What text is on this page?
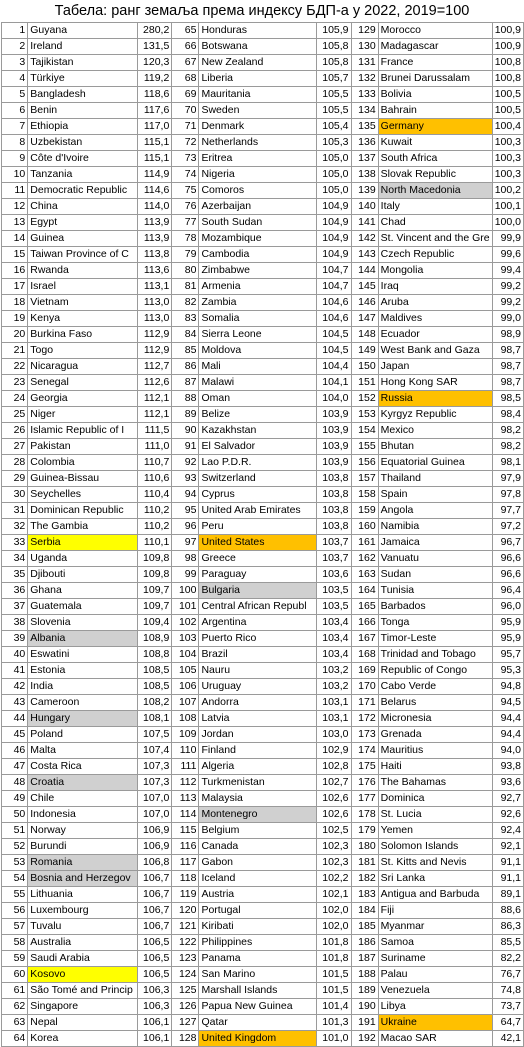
Табела: ранг земаља према индексу БДП-а у 2022, 2019=100
1	Guyana	280,2	65	Honduras	105,9	129	Morocco	100,9
2	Ireland	131,5	66	Botswana	105,8	130	Madagascar	100,9
3	Tajikistan	120,3	67	New Zealand	105,8	131	France	100,8
4	Türkiye	119,2	68	Liberia	105,7	132	Brunei Darussalam	100,8
5	Bangladesh	118,6	69	Mauritania	105,5	133	Bolivia	100,5
6	Benin	117,6	70	Sweden	105,5	134	Bahrain	100,5
7	Ethiopia	117,0	71	Denmark	105,4	135	Germany	100,4
8	Uzbekistan	115,1	72	Netherlands	105,3	136	Kuwait	100,3
9	Côte d'Ivoire	115,1	73	Eritrea	105,0	137	South Africa	100,3
10	Tanzania	114,9	74	Nigeria	105,0	138	Slovak Republic	100,3
11	Democratic Republic	114,6	75	Comoros	105,0	139	North Macedonia	100,2
12	China	114,0	76	Azerbaijan	104,9	140	Italy	100,1
13	Egypt	113,9	77	South Sudan	104,9	141	Chad	100,0
14	Guinea	113,9	78	Mozambique	104,9	142	St. Vincent and the Gre	99,9
15	Taiwan Province of C	113,8	79	Cambodia	104,9	143	Czech Republic	99,6
16	Rwanda	113,6	80	Zimbabwe	104,7	144	Mongolia	99,4
17	Israel	113,1	81	Armenia	104,7	145	Iraq	99,2
18	Vietnam	113,0	82	Zambia	104,6	146	Aruba	99,2
19	Kenya	113,0	83	Somalia	104,6	147	Maldives	99,0
20	Burkina Faso	112,9	84	Sierra Leone	104,5	148	Ecuador	98,9
21	Togo	112,9	85	Moldova	104,5	149	West Bank and Gaza	98,7
22	Nicaragua	112,7	86	Mali	104,4	150	Japan	98,7
23	Senegal	112,6	87	Malawi	104,1	151	Hong Kong SAR	98,7
24	Georgia	112,1	88	Oman	104,0	152	Russia	98,5
25	Niger	112,1	89	Belize	103,9	153	Kyrgyz Republic	98,4
26	Islamic Republic of I	111,5	90	Kazakhstan	103,9	154	Mexico	98,2
27	Pakistan	111,0	91	El Salvador	103,9	155	Bhutan	98,2
28	Colombia	110,7	92	Lao P.D.R.	103,9	156	Equatorial Guinea	98,1
29	Guinea-Bissau	110,6	93	Switzerland	103,8	157	Thailand	97,9
30	Seychelles	110,4	94	Cyprus	103,8	158	Spain	97,8
31	Dominican Republic	110,2	95	United Arab Emirates	103,8	159	Angola	97,7
32	The Gambia	110,2	96	Peru	103,8	160	Namibia	97,2
33	Serbia	110,1	97	United States	103,7	161	Jamaica	96,7
34	Uganda	109,8	98	Greece	103,7	162	Vanuatu	96,6
35	Djibouti	109,8	99	Paraguay	103,6	163	Sudan	96,6
36	Ghana	109,7	100	Bulgaria	103,5	164	Tunisia	96,4
37	Guatemala	109,7	101	Central African Republ	103,5	165	Barbados	96,0
38	Slovenia	109,4	102	Argentina	103,4	166	Tonga	95,9
39	Albania	108,9	103	Puerto Rico	103,4	167	Timor-Leste	95,9
40	Eswatini	108,8	104	Brazil	103,4	168	Trinidad and Tobago	95,7
41	Estonia	108,5	105	Nauru	103,2	169	Republic of Congo	95,3
42	India	108,5	106	Uruguay	103,2	170	Cabo Verde	94,8
43	Cameroon	108,2	107	Andorra	103,1	171	Belarus	94,5
44	Hungary	108,1	108	Latvia	103,1	172	Micronesia	94,4
45	Poland	107,5	109	Jordan	103,0	173	Grenada	94,4
46	Malta	107,4	110	Finland	102,9	174	Mauritius	94,0
47	Costa Rica	107,3	111	Algeria	102,8	175	Haiti	93,8
48	Croatia	107,3	112	Turkmenistan	102,7	176	The Bahamas	93,6
49	Chile	107,0	113	Malaysia	102,6	177	Dominica	92,7
50	Indonesia	107,0	114	Montenegro	102,6	178	St. Lucia	92,6
51	Norway	106,9	115	Belgium	102,5	179	Yemen	92,4
52	Burundi	106,9	116	Canada	102,3	180	Solomon Islands	92,1
53	Romania	106,8	117	Gabon	102,3	181	St. Kitts and Nevis	91,1
54	Bosnia and Herzegov	106,7	118	Iceland	102,2	182	Sri Lanka	91,1
55	Lithuania	106,7	119	Austria	102,1	183	Antigua and Barbuda	89,1
56	Luxembourg	106,7	120	Portugal	102,0	184	Fiji	88,6
57	Tuvalu	106,7	121	Kiribati	102,0	185	Myanmar	86,3
58	Australia	106,5	122	Philippines	101,8	186	Samoa	85,5
59	Saudi Arabia	106,5	123	Panama	101,8	187	Suriname	82,2
60	Kosovo	106,5	124	San Marino	101,5	188	Palau	76,7
61	São Tomé and Princip	106,3	125	Marshall Islands	101,5	189	Venezuela	74,8
62	Singapore	106,3	126	Papua New Guinea	101,4	190	Libya	73,7
63	Nepal	106,1	127	Qatar	101,3	191	Ukraine	64,7
64	Korea	106,1	128	United Kingdom	101,0	192	Macao SAR	42,1
